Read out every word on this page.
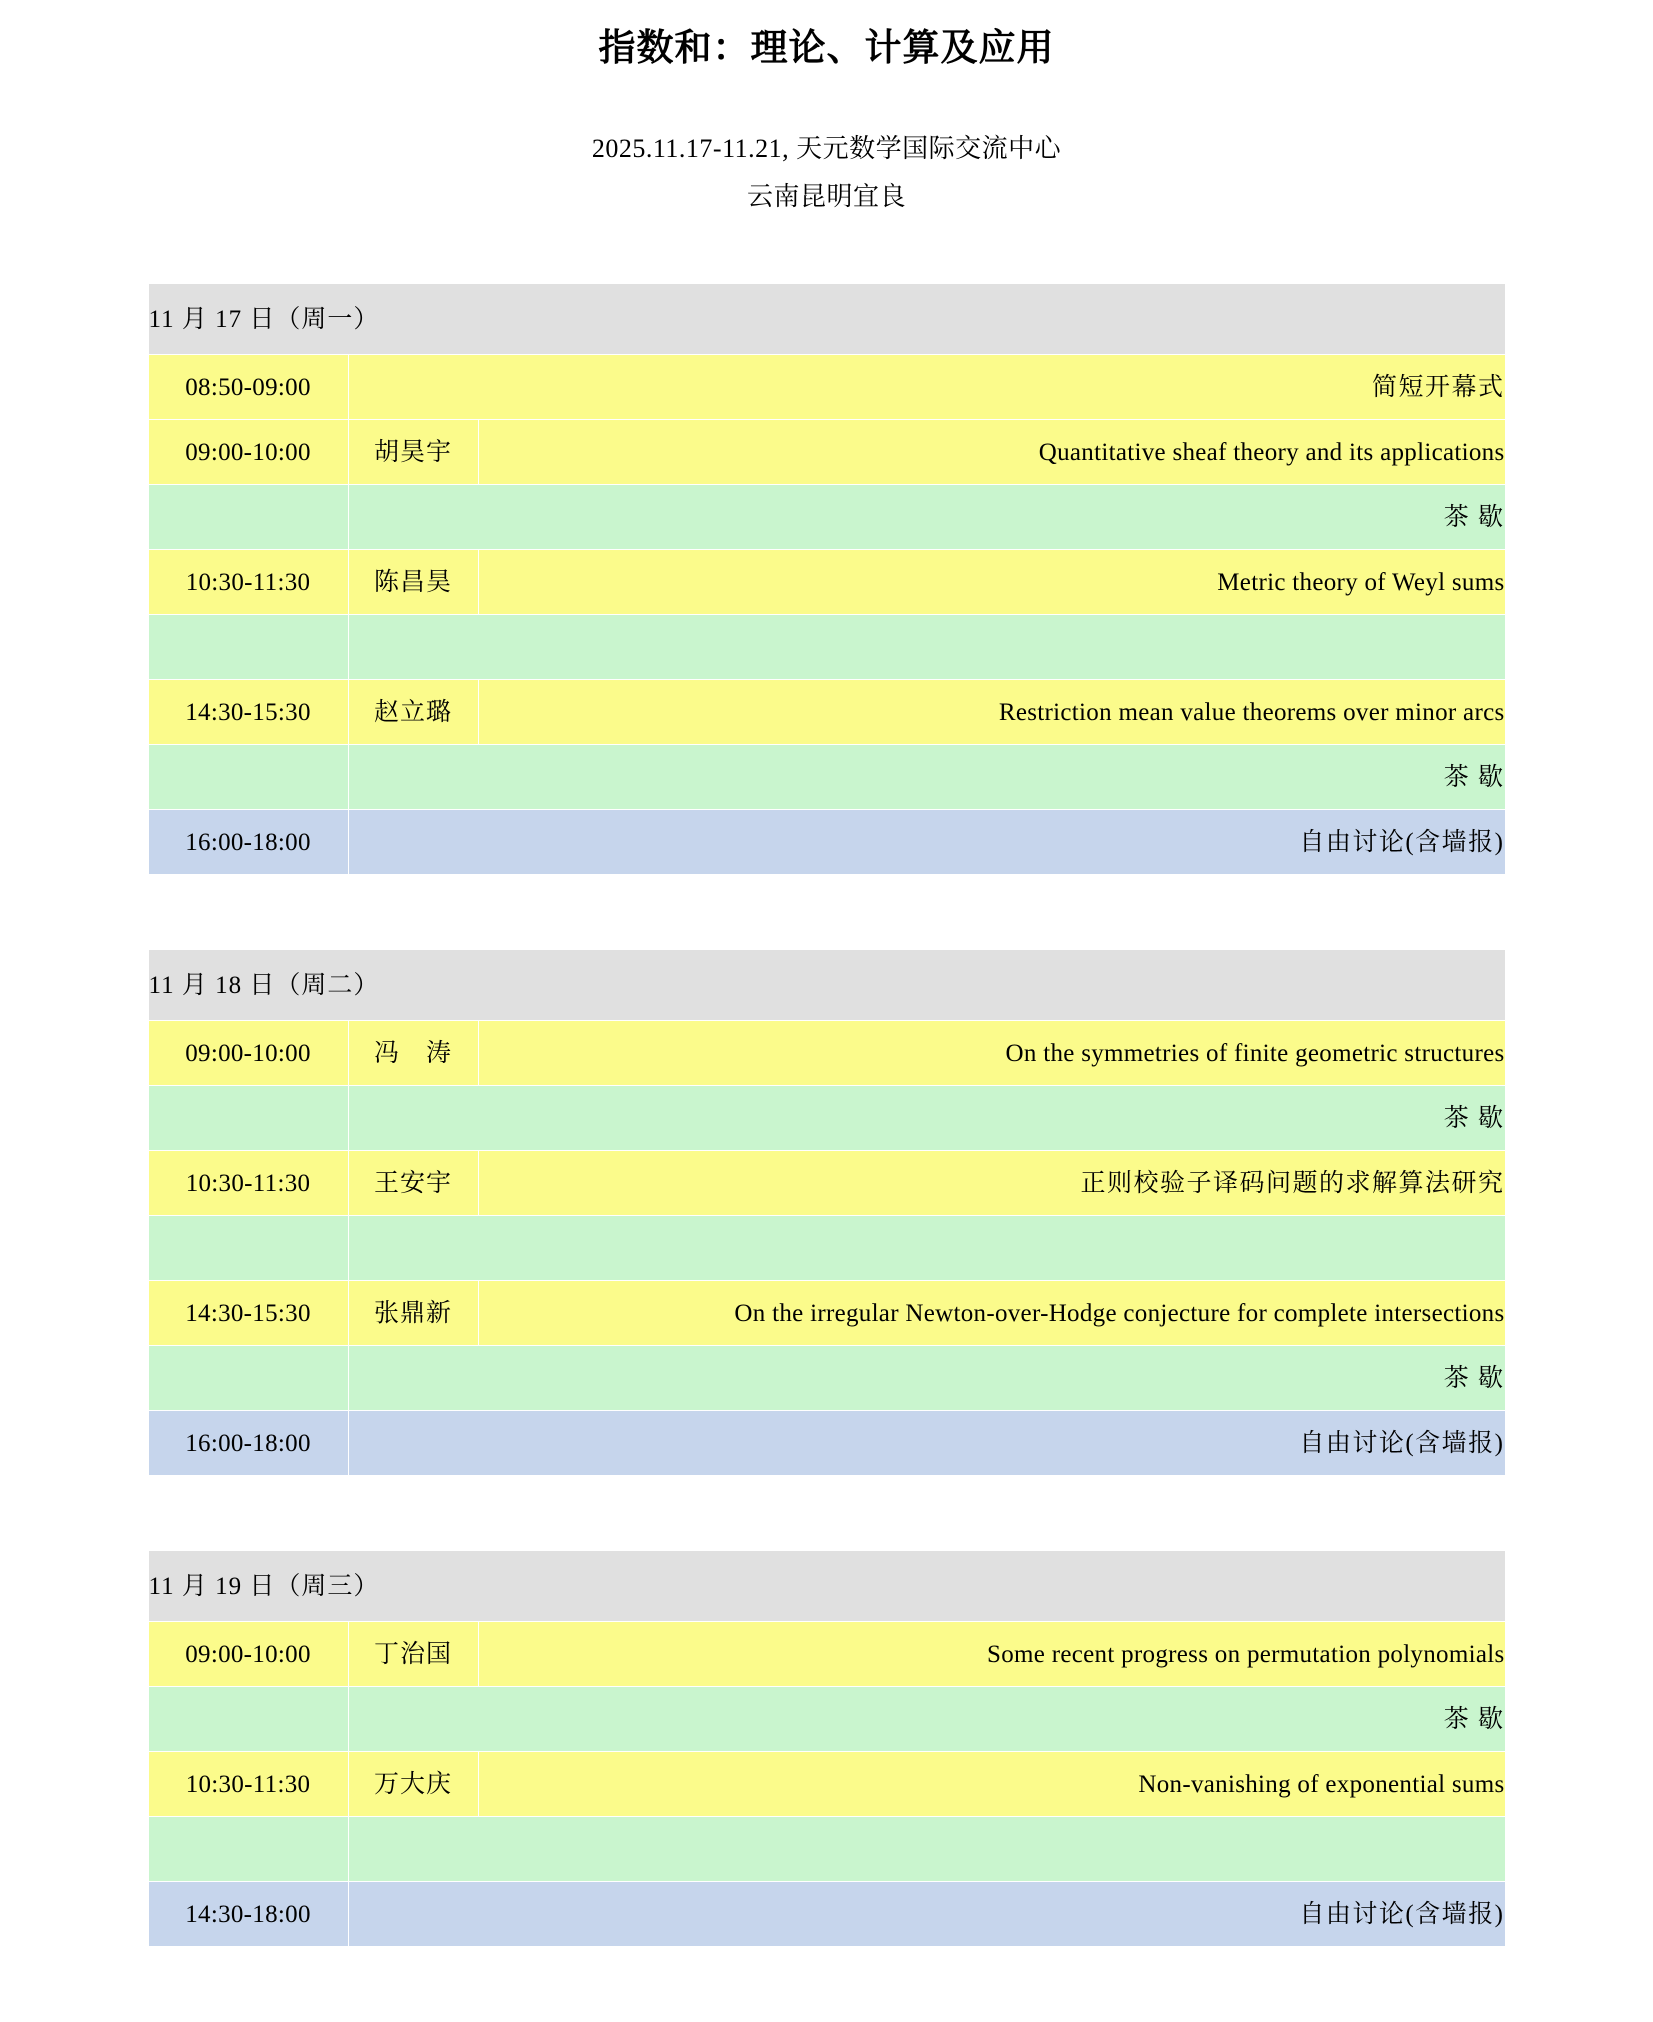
指数和：理论、计算及应用
2025.11.17-11.21, 天元数学国际交流中心
云南昆明宜良
11 月 17 日（周一）		
08:50-09:00	简短开幕式	
09:00-10:00	胡昊宇	Quantitative sheaf theory and its applications
	茶 歇	
10:30-11:30	陈昌昊	Metric theory of Weyl sums

14:30-15:30	赵立璐	Restriction mean value theorems over minor arcs
	茶 歇	
16:00-18:00	自由讨论(含墙报)	
11 月 18 日（周二）		
09:00-10:00	冯　涛	On the symmetries of finite geometric structures
	茶 歇	
10:30-11:30	王安宇	正则校验子译码问题的求解算法研究

14:30-15:30	张鼎新	On the irregular Newton-over-Hodge conjecture for complete intersections
	茶 歇	
16:00-18:00	自由讨论(含墙报)	
11 月 19 日（周三）		
09:00-10:00	丁治国	Some recent progress on permutation polynomials
	茶 歇	
10:30-11:30	万大庆	Non-vanishing of exponential sums

14:30-18:00	自由讨论(含墙报)	
